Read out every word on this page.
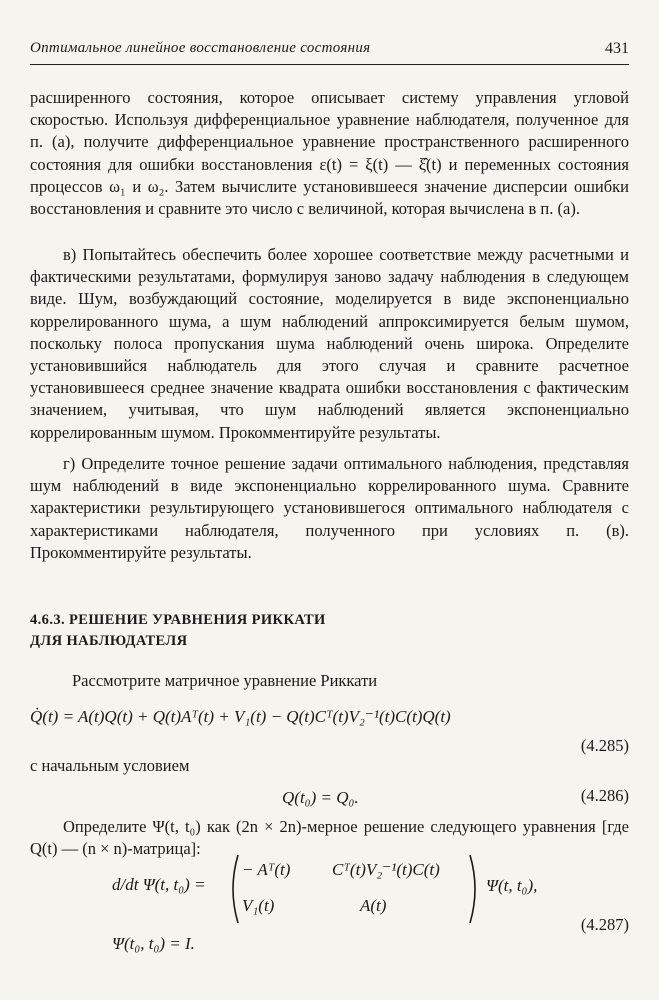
Оптимальное линейное восстановление состояния	431

расширенного состояния, которое описывает систему управления угловой скоростью. Используя дифференциальное уравнение наблюдателя, полученное для п. (а), получите дифференциальное уравнение пространственного расширенного состояния для ошибки восстановления ε(t) = ξ(t) — ξ̂(t) и переменных состояния процессов ω₁ и ω₂. Затем вычислите установившееся значение дисперсии ошибки восстановления и сравните это число с величиной, которая вычислена в п. (а).

в) Попытайтесь обеспечить более хорошее соответствие между расчетными и фактическими результатами, формулируя заново задачу наблюдения в следующем виде. Шум, возбуждающий состояние, моделируется в виде экспоненциально коррелированного шума, а шум наблюдений аппроксимируется белым шумом, поскольку полоса пропускания шума наблюдений очень широка. Определите установившийся наблюдатель для этого случая и сравните расчетное установившееся среднее значение квадрата ошибки восстановления с фактическим значением, учитывая, что шум наблюдений является экспоненциально коррелированным шумом. Прокомментируйте результаты.

г) Определите точное решение задачи оптимального наблюдения, представляя шум наблюдений в виде экспоненциально коррелированного шума. Сравните характеристики результирующего установившегося оптимального наблюдателя с характеристиками наблюдателя, полученного при условиях п. (в). Прокомментируйте результаты.

4.6.3. РЕШЕНИЕ УРАВНЕНИЯ РИККАТИ
ДЛЯ НАБЛЮДАТЕЛЯ
Рассмотрите матричное уравнение Риккати
Q̇(t) = A(t)Q(t) + Q(t)Aᵀ(t) + V₁(t) − Q(t)Cᵀ(t)V₂⁻¹(t)C(t)Q(t)
(4.285)
с начальным условием
Q(t₀) = Q₀.	(4.286)

Определите Ψ(t, t₀) как (2n × 2n)-мерное решение следующего уравнения [где Q(t) — (n × n)-матрица]:

d/dt Ψ(t, t₀) =
− Aᵀ(t) Cᵀ(t)V₂⁻¹(t)C(t)
V₁(t)	A(t)
Ψ(t, t₀),
(4.287)
Ψ(t₀, t₀) = I.
